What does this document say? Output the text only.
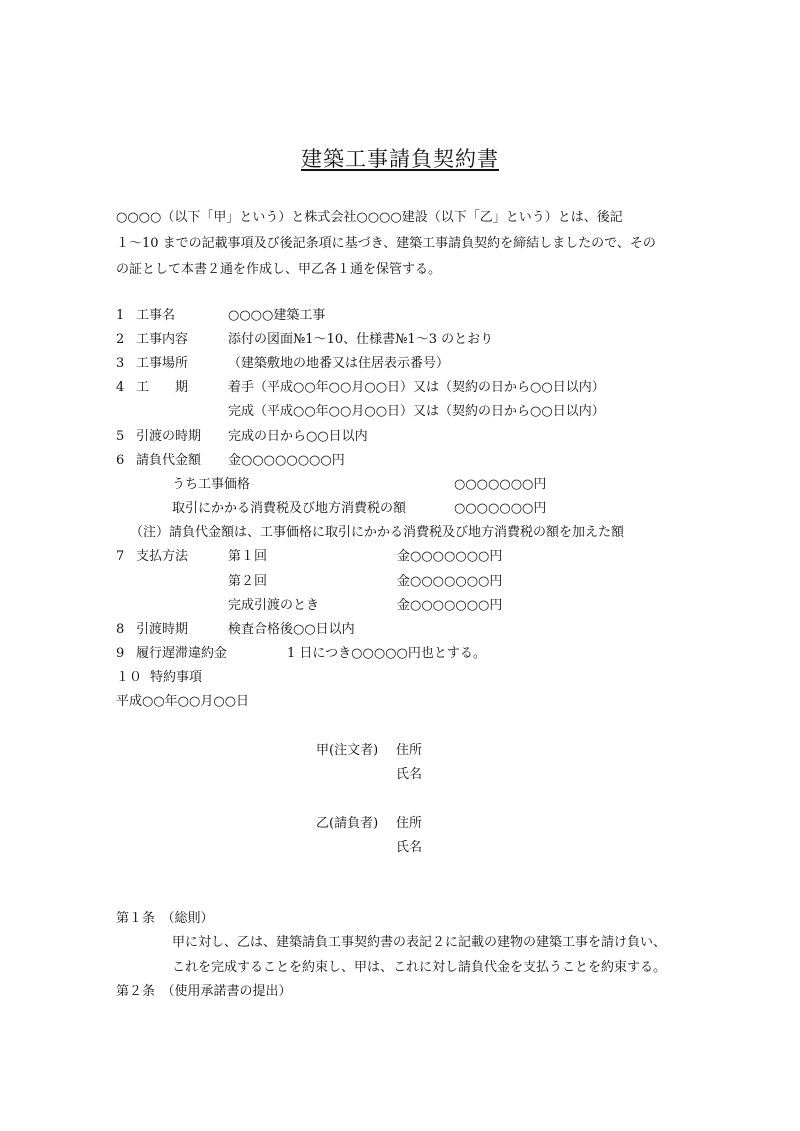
建築工事請負契約書
○○○○（以下「甲」という）と株式会社○○○○建設（以下「乙」という）とは、後記
１～10 までの記載事項及び後記条項に基づき、建築工事請負契約を締結しましたので、その
の証として本書２通を作成し、甲乙各１通を保管する。
1 工事名	○○○○建築工事
2 工事内容	添付の図面№1～10、仕様書№1～3 のとおり
3 工事場所	（建築敷地の地番又は住居表示番号）
4 工　　期	着手（平成○○年○○月○○日）又は（契約の日から○○日以内）
完成（平成○○年○○月○○日）又は（契約の日から○○日以内）
5 引渡の時期 完成の日から○○日以内
6 請負代金額 金○○○○○○○○円
うち工事価格	○○○○○○○円
取引にかかる消費税及び地方消費税の額	○○○○○○○円
（注）請負代金額は、工事価格に取引にかかる消費税及び地方消費税の額を加えた額
7 支払方法	第１回	金○○○○○○○円
第２回	金○○○○○○○円
完成引渡のとき	金○○○○○○○円
8 引渡時期	検査合格後○○日以内
9 履行遅滞違約金	1 日につき○○○○○円也とする。
１０ 特約事項
平成○○年○○月○○日
甲(注文者) 住所
氏名
乙(請負者) 住所
氏名
第１条　（総則）
甲に対し、乙は、建築請負工事契約書の表記２に記載の建物の建築工事を請け負い、
これを完成することを約束し、甲は、これに対し請負代金を支払うことを約束する。
第２条　（使用承諾書の提出）
